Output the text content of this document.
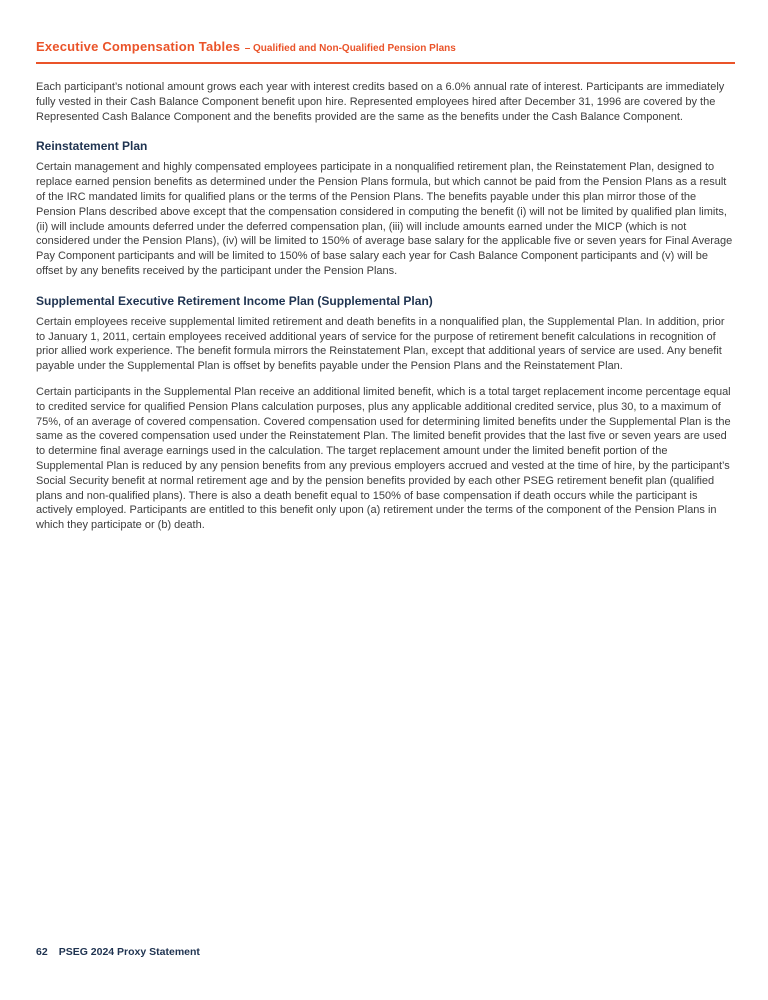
Executive Compensation Tables – Qualified and Non-Qualified Pension Plans

Each participant’s notional amount grows each year with interest credits based on a 6.0% annual rate of interest. Participants are immediately fully vested in their Cash Balance Component benefit upon hire. Represented employees hired after December 31, 1996 are covered by the Represented Cash Balance Component and the benefits provided are the same as the benefits under the Cash Balance Component.

Reinstatement Plan

Certain management and highly compensated employees participate in a nonqualified retirement plan, the Reinstatement Plan, designed to replace earned pension benefits as determined under the Pension Plans formula, but which cannot be paid from the Pension Plans as a result of the IRC mandated limits for qualified plans or the terms of the Pension Plans. The benefits payable under this plan mirror those of the Pension Plans described above except that the compensation considered in computing the benefit (i) will not be limited by qualified plan limits, (ii) will include amounts deferred under the deferred compensation plan, (iii) will include amounts earned under the MICP (which is not considered under the Pension Plans), (iv) will be limited to 150% of average base salary for the applicable five or seven years for Final Average Pay Component participants and will be limited to 150% of base salary each year for Cash Balance Component participants and (v) will be offset by any benefits received by the participant under the Pension Plans.

Supplemental Executive Retirement Income Plan (Supplemental Plan)

Certain employees receive supplemental limited retirement and death benefits in a nonqualified plan, the Supplemental Plan. In addition, prior to January 1, 2011, certain employees received additional years of service for the purpose of retirement benefit calculations in recognition of prior allied work experience. The benefit formula mirrors the Reinstatement Plan, except that additional years of service are used. Any benefit payable under the Supplemental Plan is offset by benefits payable under the Pension Plans and the Reinstatement Plan.

Certain participants in the Supplemental Plan receive an additional limited benefit, which is a total target replacement income percentage equal to credited service for qualified Pension Plans calculation purposes, plus any applicable additional credited service, plus 30, to a maximum of 75%, of an average of covered compensation. Covered compensation used for determining limited benefits under the Supplemental Plan is the same as the covered compensation used under the Reinstatement Plan. The limited benefit provides that the last five or seven years are used to determine final average earnings used in the calculation. The target replacement amount under the limited benefit portion of the Supplemental Plan is reduced by any pension benefits from any previous employers accrued and vested at the time of hire, by the participant’s Social Security benefit at normal retirement age and by the pension benefits provided by each other PSEG retirement benefit plan (qualified plans and non-qualified plans). There is also a death benefit equal to 150% of base compensation if death occurs while the participant is actively employed. Participants are entitled to this benefit only upon (a) retirement under the terms of the component of the Pension Plans in which they participate or (b) death.

62 PSEG 2024 Proxy Statement
